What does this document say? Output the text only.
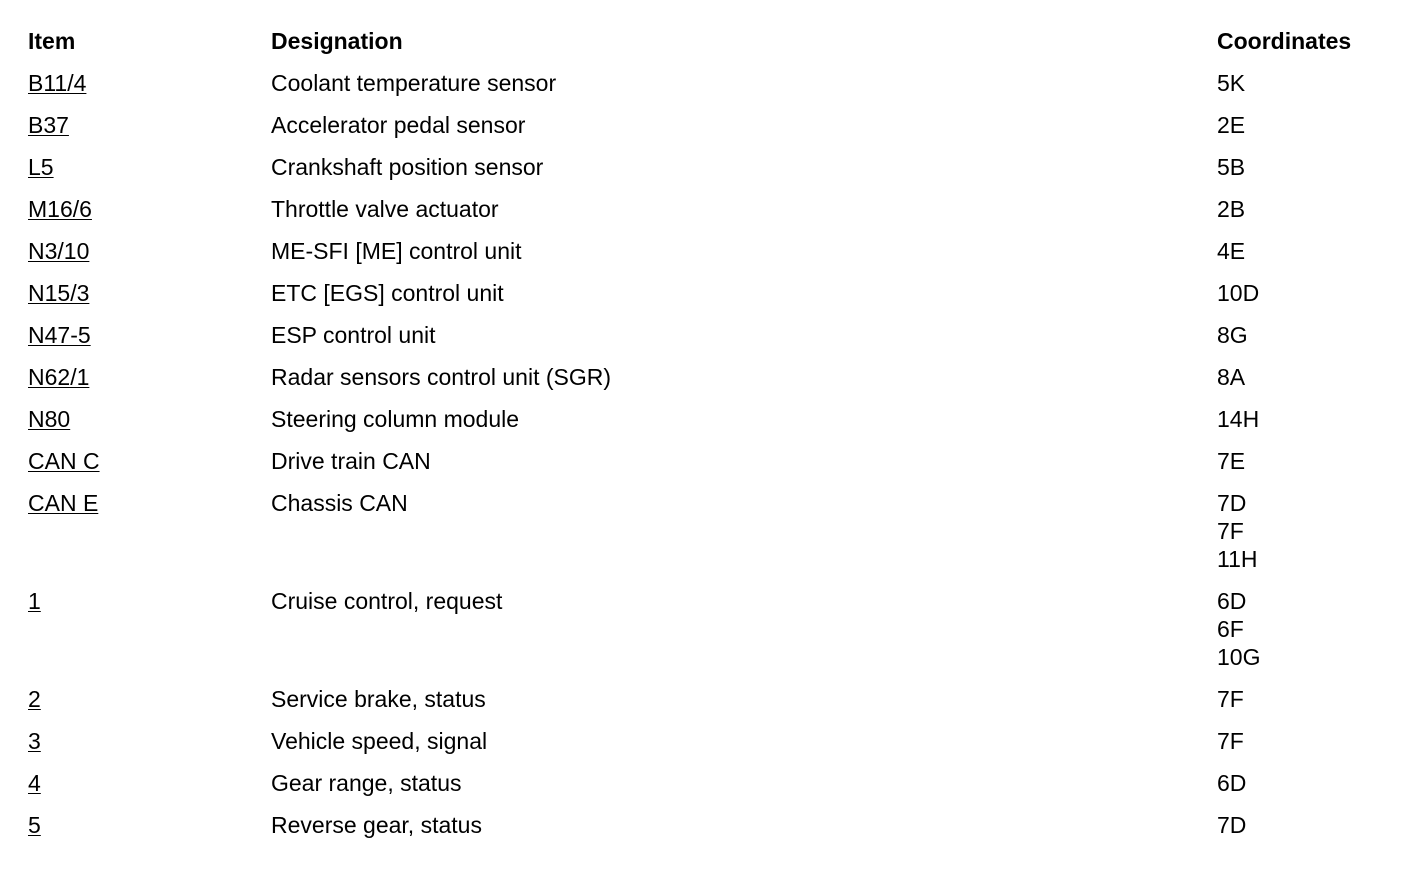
Item	Designation	Coordinates
B11/4	Coolant temperature sensor	5K

B37	Accelerator pedal sensor	2E

L5	Crankshaft position sensor	5B

M16/6	Throttle valve actuator	2B

N3/10	ME-SFI [ME] control unit	4E

N15/3	ETC [EGS] control unit	10D

N47-5	ESP control unit	8G

N62/1	Radar sensors control unit (SGR)	8A

N80	Steering column module	14H

CAN C	Drive train CAN	7E

CAN E	Chassis CAN	7D
7F
11H

1	Cruise control, request	6D
6F
10G

2	Service brake, status	7F

3	Vehicle speed, signal	7F

4	Gear range, status	6D

5	Reverse gear, status	7D
